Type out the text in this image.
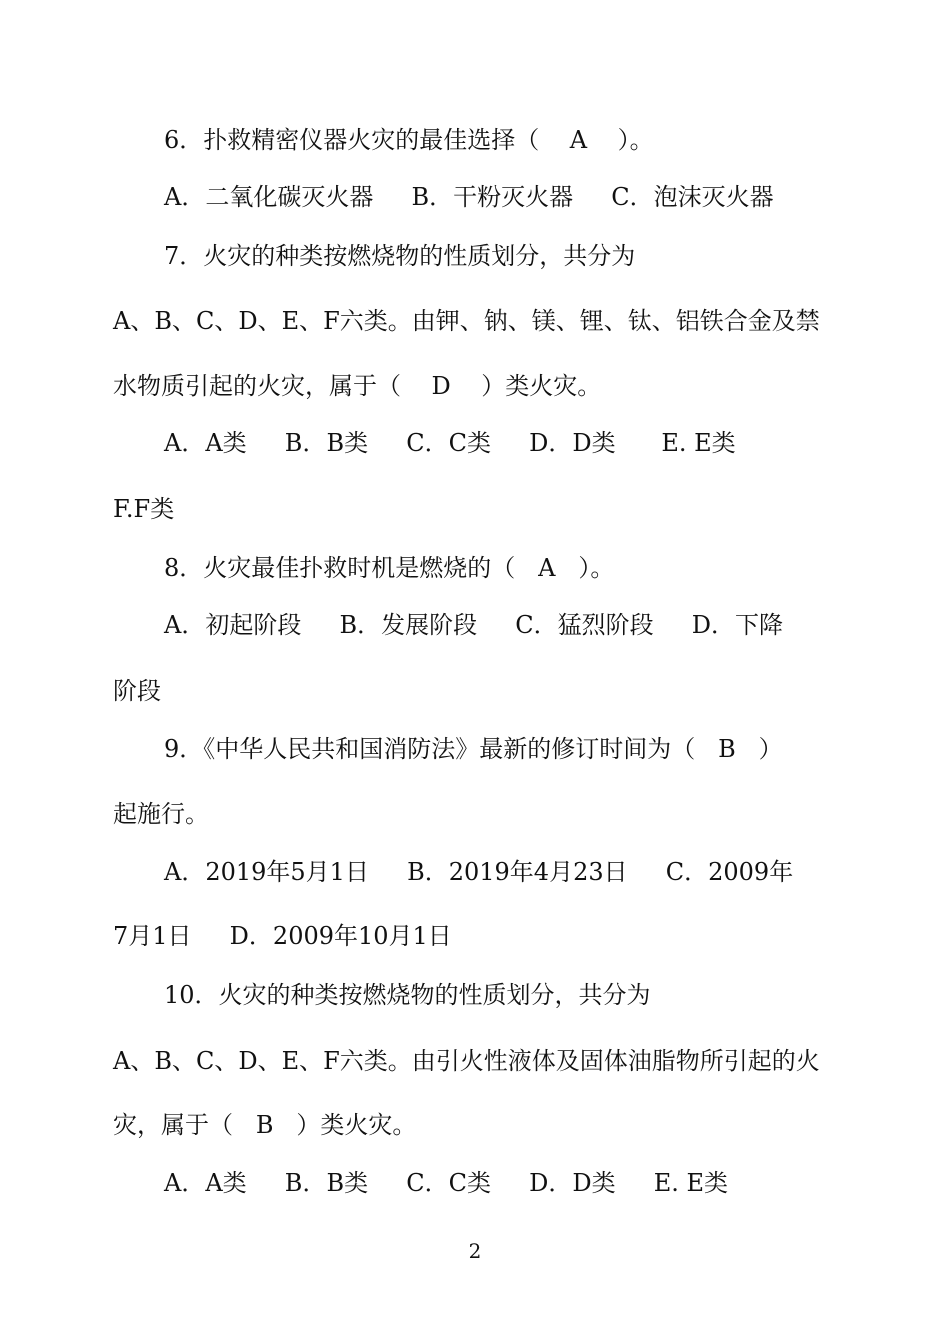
6．扑救精密仪器火灾的最佳选择（    A    ）。
A．二氧化碳灭火器     B．干粉灭火器     C．泡沫灭火器
7．火灾的种类按燃烧物的性质划分，共分为
A、B、C、D、E、F六类。由钾、钠、镁、锂、钛、铝铁合金及禁
水物质引起的火灾，属于（    D    ）类火灾。
A．A类     B．B类     C．C类     D．D类      E. E类
F.F类
8．火灾最佳扑救时机是燃烧的（   A   ）。
A．初起阶段     B．发展阶段     C．猛烈阶段     D．下降
阶段
9．《中华人民共和国消防法》最新的修订时间为（   B   ）
起施行。
A．2019年5月1日     B．2019年4月23日     C．2009年
7月1日     D．2009年10月1日
10．火灾的种类按燃烧物的性质划分，共分为
A、B、C、D、E、F六类。由引火性液体及固体油脂物所引起的火
灾，属于（   B   ）类火灾。
A．A类     B．B类     C．C类     D．D类     E. E类
2
